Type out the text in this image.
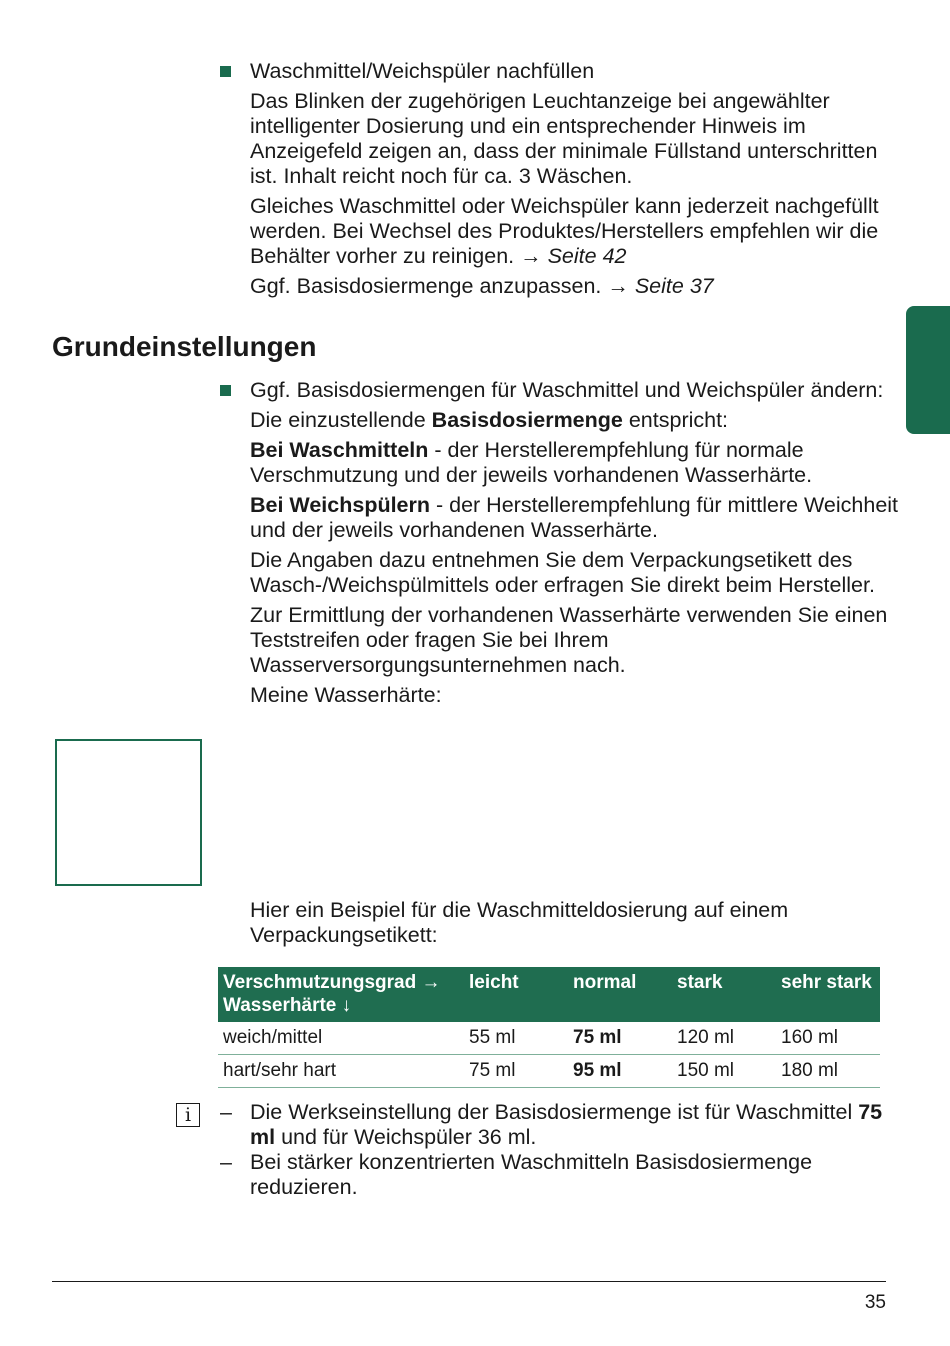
Waschmittel/Weichspüler nachfüllen

Das Blinken der zugehörigen Leuchtanzeige bei angewählter intelligenter Dosierung und ein entsprechender Hinweis im Anzeigefeld zeigen an, dass der minimale Füllstand unterschritten ist. Inhalt reicht noch für ca. 3 Wäschen.

Gleiches Waschmittel oder Weichspüler kann jederzeit nachgefüllt werden. Bei Wechsel des Produktes/Herstellers empfehlen wir die Behälter vorher zu reinigen. → Seite 42

Ggf. Basisdosiermenge anzupassen. → Seite 37

Grundeinstellungen

Ggf. Basisdosiermengen für Waschmittel und Weichspüler ändern:

Die einzustellende Basisdosiermenge entspricht:

Bei Waschmitteln - der Herstellerempfehlung für normale Verschmutzung und der jeweils vorhandenen Wasserhärte.

Bei Weichspülern - der Herstellerempfehlung für mittlere Weichheit und der jeweils vorhandenen Wasserhärte.

Die Angaben dazu entnehmen Sie dem Verpackungsetikett des Wasch-/Weichspülmittels oder erfragen Sie direkt beim Hersteller.

Zur Ermittlung der vorhandenen Wasserhärte verwenden Sie einen Teststreifen oder fragen Sie bei Ihrem Wasserversorgungsunternehmen nach.

Meine Wasserhärte:

Hier ein Beispiel für die Waschmitteldosierung auf einem Verpackungsetikett:

Verschmutzungsgrad →
Wasserhärte ↓	leicht	normal	stark	sehr stark
weich/mittel	55 ml	75 ml	120 ml	160 ml
hart/sehr hart	75 ml	95 ml	150 ml	180 ml
i	– Die Werkseinstellung der Basisdosiermenge ist für Waschmittel 75 ml und für Weichspüler 36 ml.

– Bei stärker konzentrierten Waschmitteln Basisdosiermenge reduzieren.

35
